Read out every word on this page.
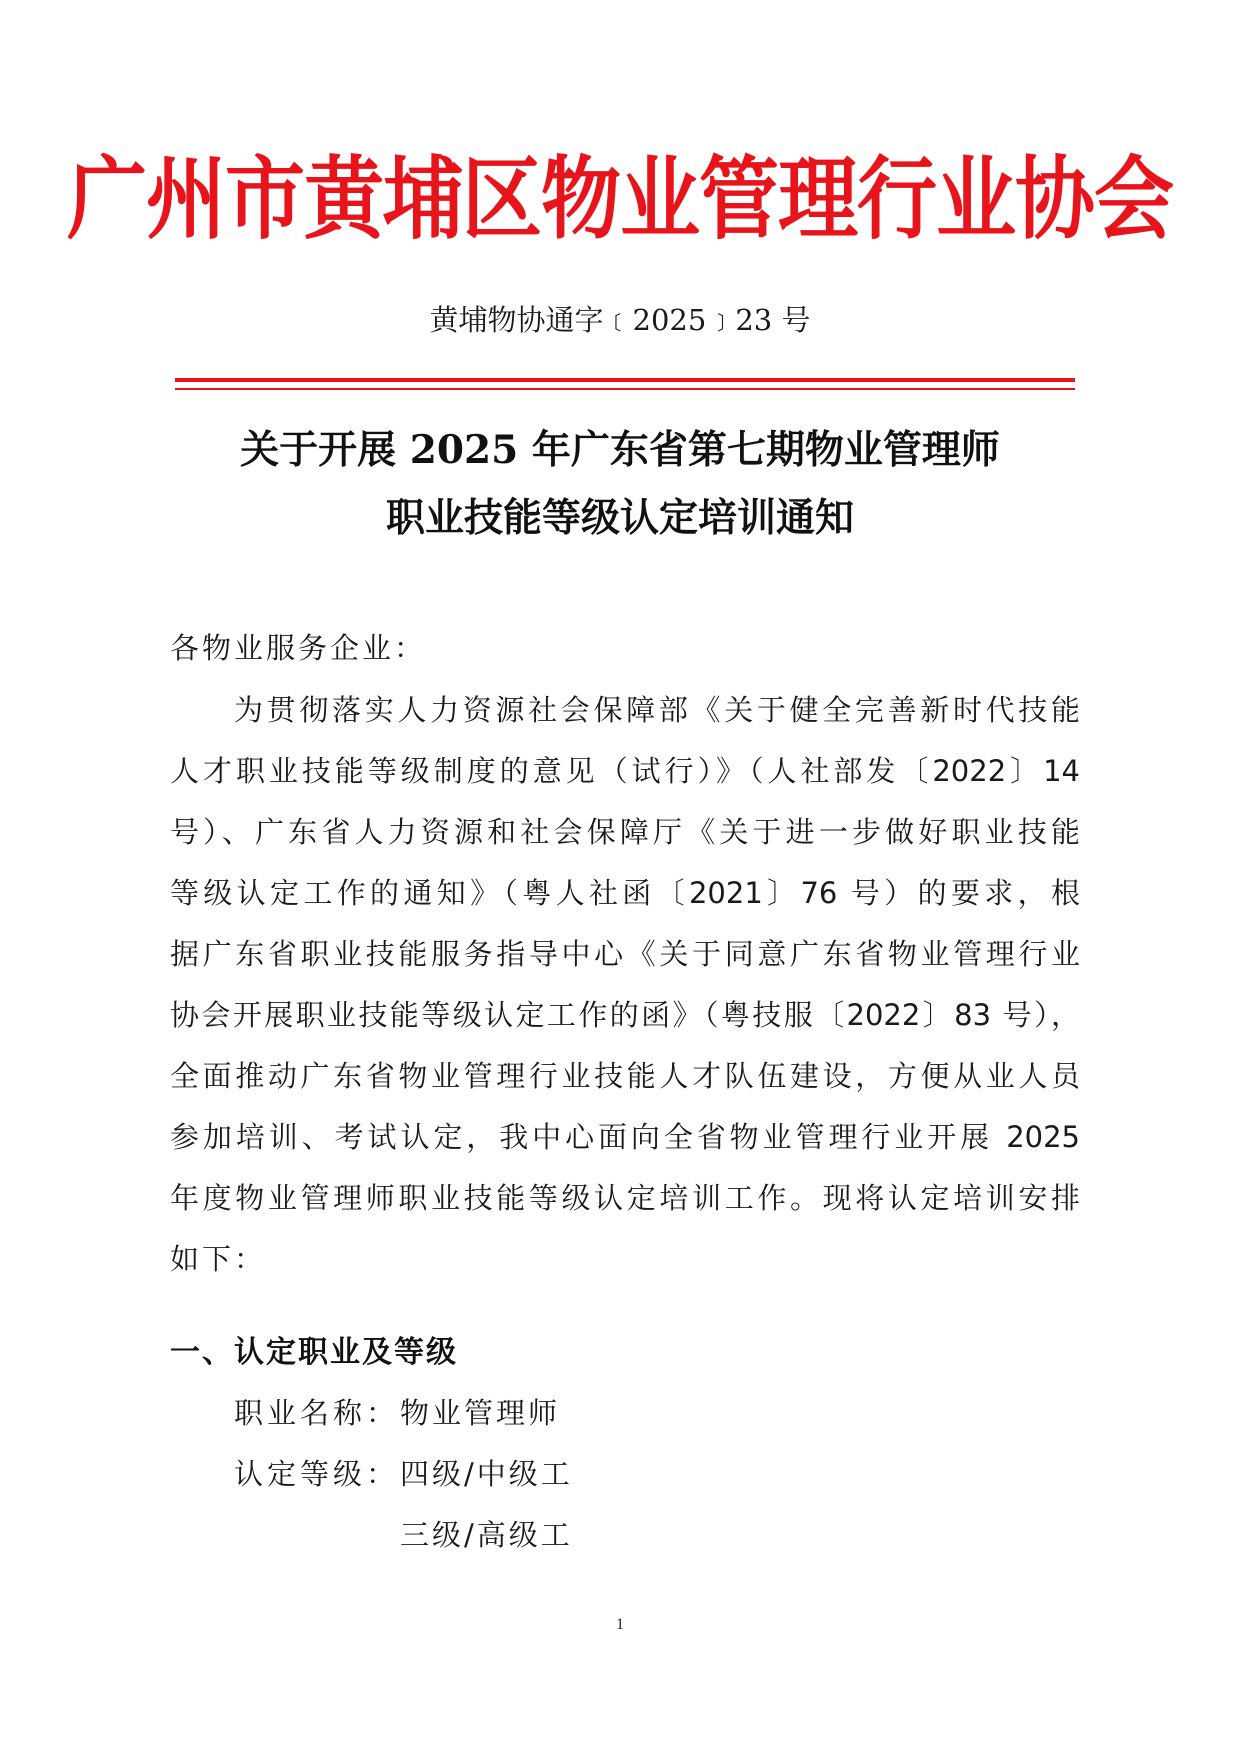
广州市黄埔区物业管理行业协会
黄埔物协通字﹝2025﹞23 号
关于开展 2025 年广东省第七期物业管理师
职业技能等级认定培训通知
各物业服务企业：
为贯彻落实人力资源社会保障部《关于健全完善新时代技能
人才职业技能等级制度的意见（试行）》（人社部发〔2022〕14
号）、广东省人力资源和社会保障厅《关于进一步做好职业技能
等级认定工作的通知》（粤人社函〔2021〕76 号）的要求，根
据广东省职业技能服务指导中心《关于同意广东省物业管理行业
协会开展职业技能等级认定工作的函》（粤技服〔2022〕83 号），
全面推动广东省物业管理行业技能人才队伍建设，方便从业人员
参加培训、考试认定，我中心面向全省物业管理行业开展 2025
年度物业管理师职业技能等级认定培训工作。现将认定培训安排
如下：
一、认定职业及等级
职业名称： 物业管理师
认定等级： 四级/中级工
三级/高级工
1
